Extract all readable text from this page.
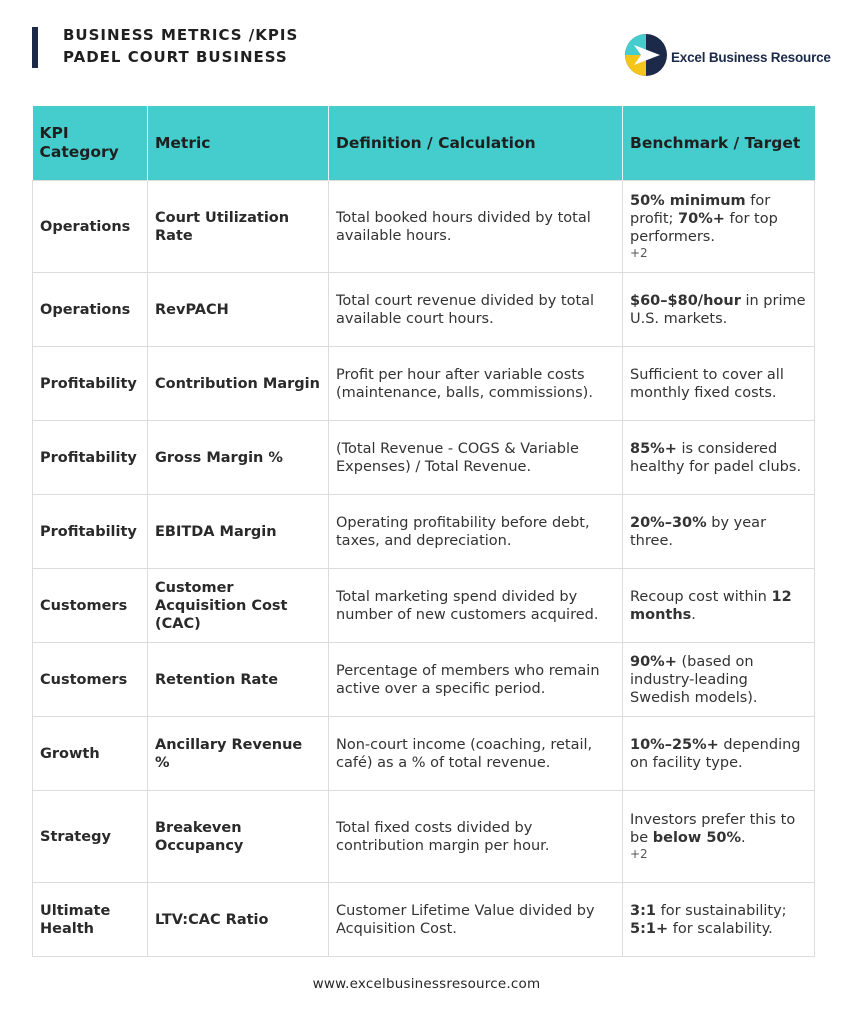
BUSINESS METRICS /KPIS
PADEL COURT BUSINESS	Excel Business Resource
KPI Category	Metric	Definition / Calculation	Benchmark / Target
Operations	Court Utilization Rate	Total booked hours divided by total available hours.	50% minimum for profit; 70%+ for top performers.
+2

Operations	RevPACH	Total court revenue divided by total available court hours.	$60–$80/hour in prime U.S. markets.
Profitability	Contribution Margin	Profit per hour after variable costs (maintenance, balls, commissions).	Sufficient to cover all monthly fixed costs.
Profitability	Gross Margin %	(Total Revenue - COGS & Variable Expenses) / Total Revenue.	85%+ is considered healthy for padel clubs.
Profitability	EBITDA Margin	Operating profitability before debt, taxes, and depreciation.	20%–30% by year three.
Customers	Customer Acquisition Cost (CAC)	Total marketing spend divided by number of new customers acquired.	Recoup cost within 12 months.
Customers	Retention Rate	Percentage of members who remain active over a specific period.	90%+ (based on industry-leading Swedish models).
Growth	Ancillary Revenue %	Non-court income (coaching, retail, café) as a % of total revenue.	10%–25%+ depending on facility type.
Strategy	Breakeven Occupancy	Total fixed costs divided by contribution margin per hour.	Investors prefer this to be below 50%.
+2

Ultimate Health	LTV:CAC Ratio	Customer Lifetime Value divided by Acquisition Cost.	3:1 for sustainability; 5:1+ for scalability.
www.excelbusinessresource.com
